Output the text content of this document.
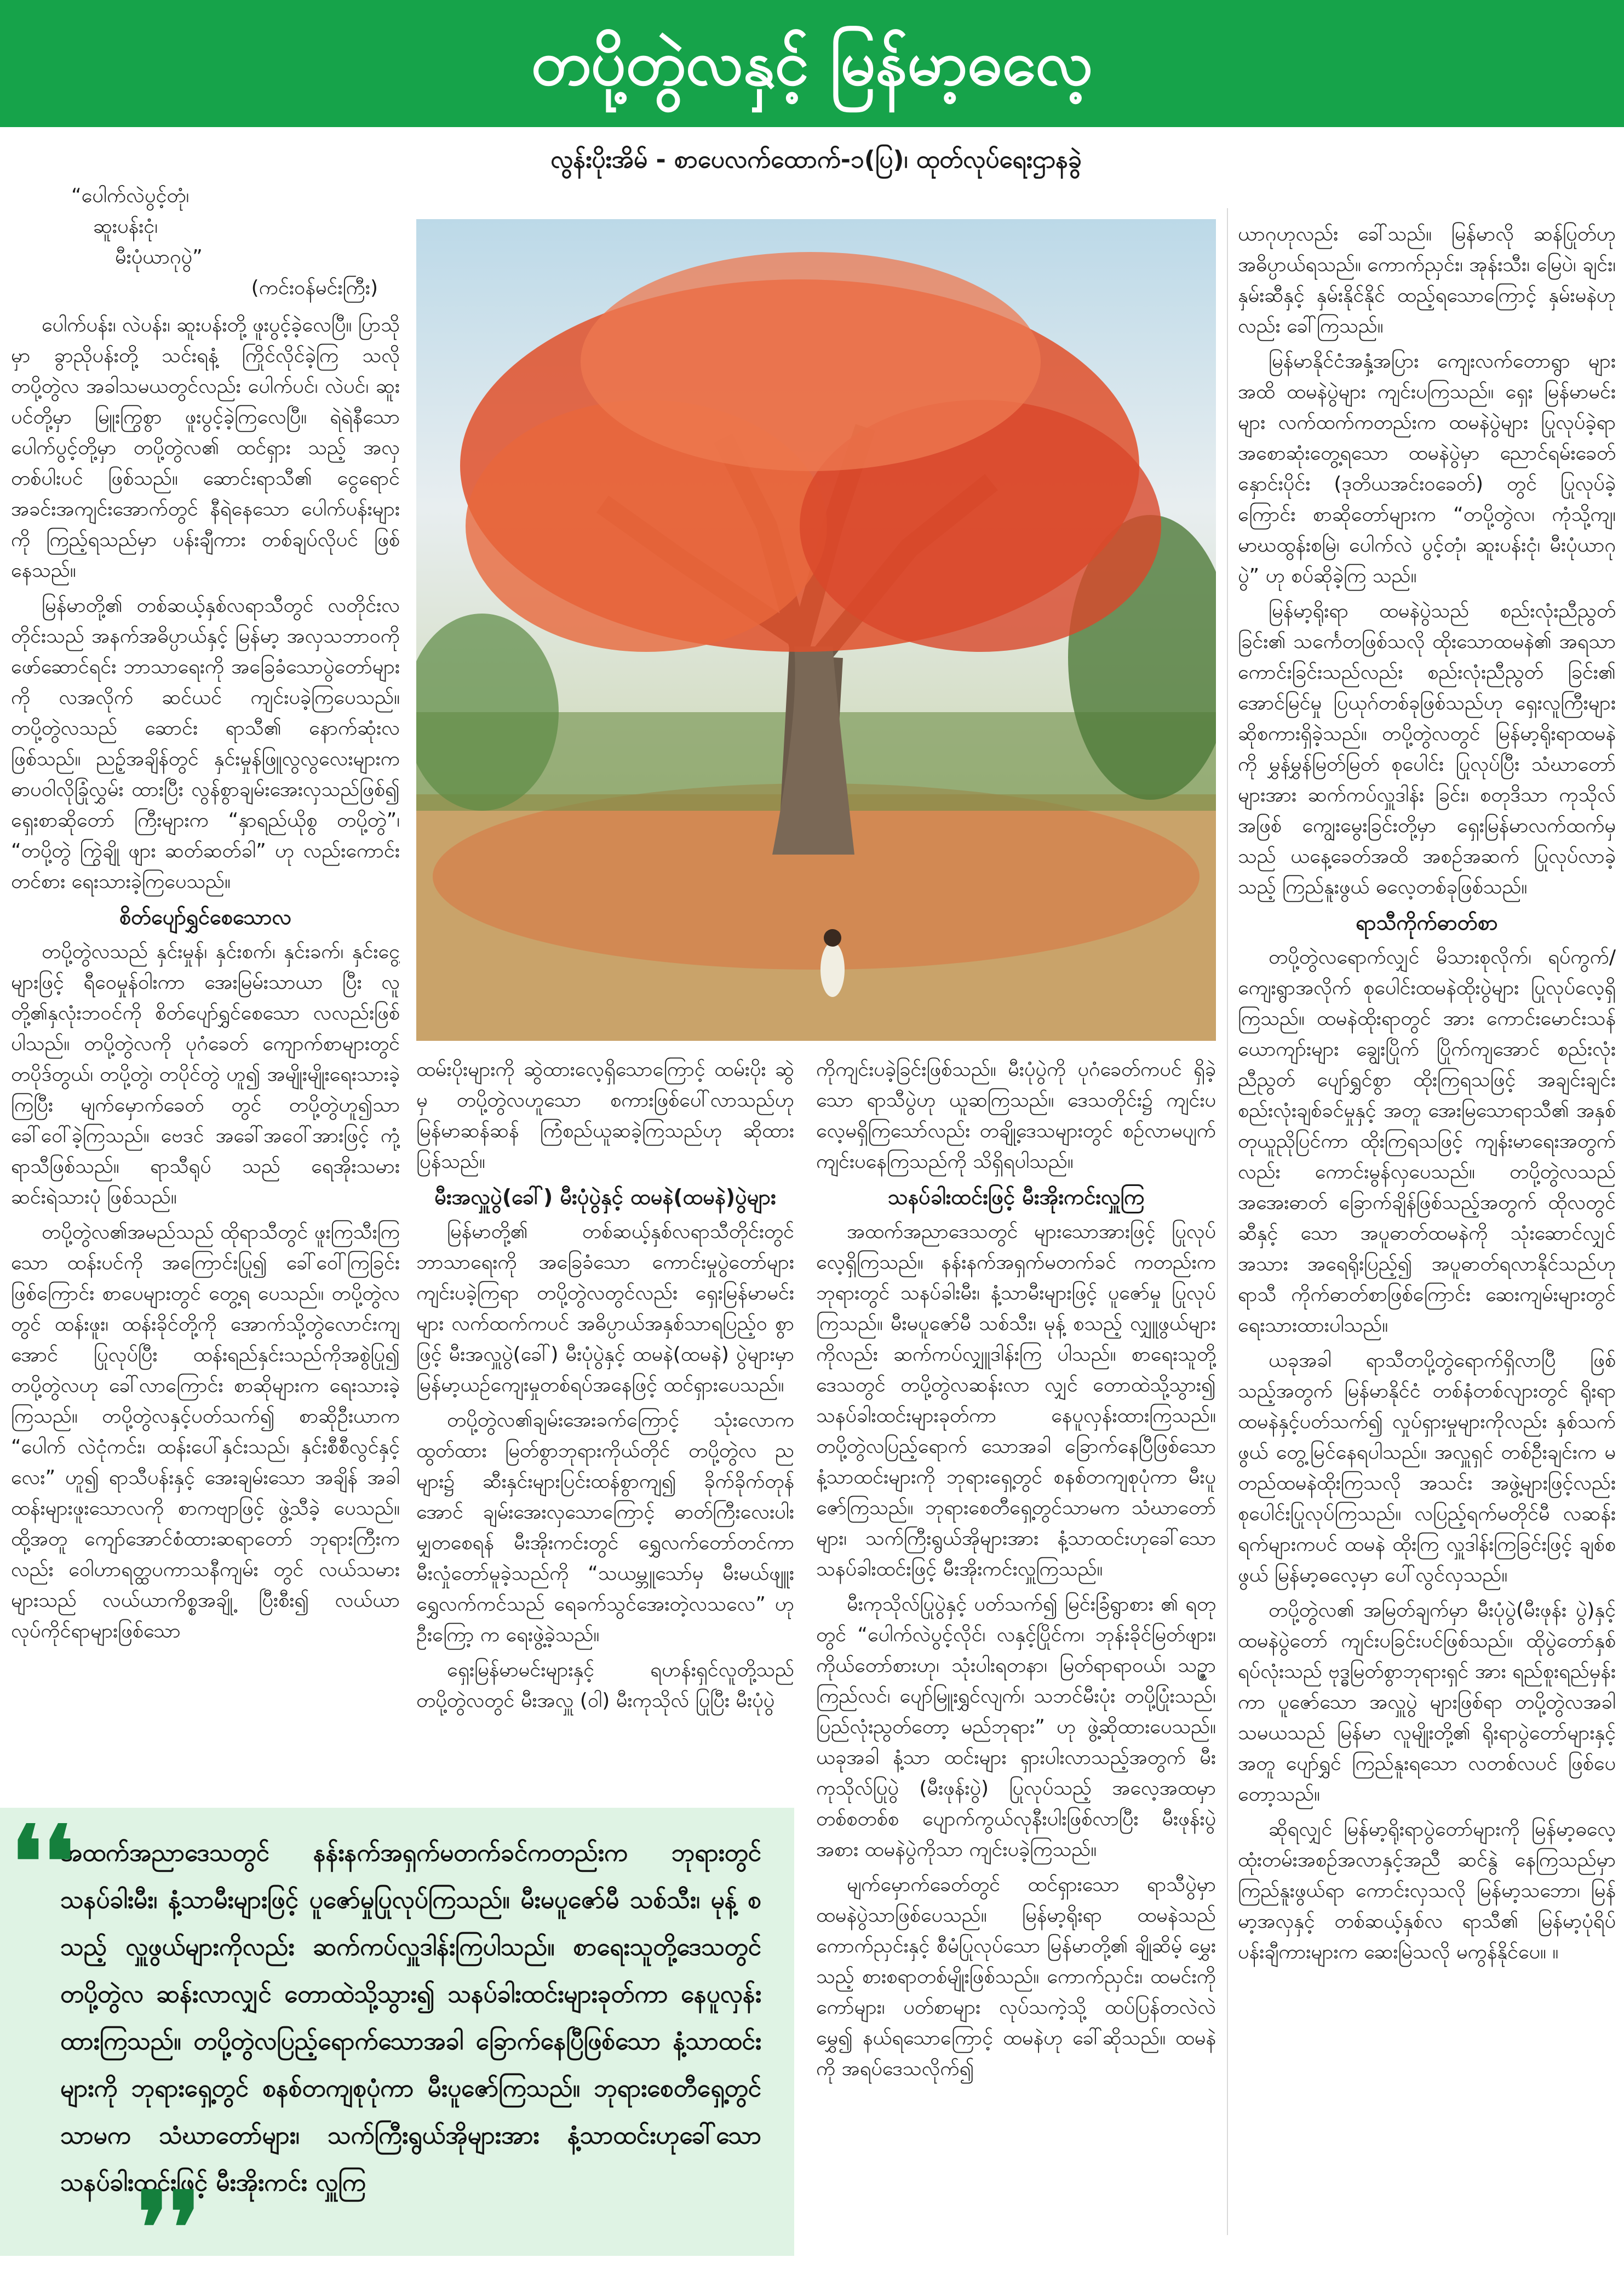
တပို့တွဲလနှင့် မြန်မာ့ဓလေ့
လွန်းပိုးအိမ် - စာပေလက်ထောက်-၁(ပြ)၊ ထုတ်လုပ်ရေးဌာနခွဲ
“ပေါက်လဲပွင့်တုံ၊
ဆူးပန်းငုံ၊
မီးပုံယာဂုပွဲ”
(ကင်းဝန်မင်းကြီး)

ပေါက်ပန်း၊ လဲပန်း၊ ဆူးပန်းတို့ ဖူးပွင့်ခဲ့လေပြီ။ ပြာသိုမှာ ခွာညိုပန်းတို့ သင်းရနံ့ ကြိုင်လိုင်ခဲ့ကြ သလို တပို့တွဲလ အခါသမယတွင်လည်း ပေါက်ပင်၊ လဲပင်၊ ဆူးပင်တို့မှာ မြူးကြွစွာ ဖူးပွင့်ခဲ့ကြလေပြီ။ ရဲရဲနီသော ပေါက်ပွင့်တို့မှာ တပို့တွဲလ၏ ထင်ရှား သည့် အလှတစ်ပါးပင် ဖြစ်သည်။ ဆောင်းရာသီ၏ ငွေရောင်အခင်းအကျင်းအောက်တွင် နီရဲနေသော ပေါက်ပန်းများကို ကြည့်ရသည်မှာ ပန်းချီကား တစ်ချပ်လိုပင် ဖြစ်နေသည်။

မြန်မာတို့၏ တစ်ဆယ့်နှစ်လရာသီတွင် လတိုင်းလတိုင်းသည် အနက်အဓိပ္ပာယ်နှင့် မြန်မာ့ အလှသဘာဝကို ဖော်ဆောင်ရင်း ဘာသာရေးကို အခြေခံသောပွဲတော်များကို လအလိုက် ဆင်ယင် ကျင်းပခဲ့ကြပေသည်။ တပို့တွဲလသည် ဆောင်း ရာသီ၏ နောက်ဆုံးလဖြစ်သည်။ ညဉ့်အချိန်တွင် နှင်းမှုန်ဖြူလွလွလေးများက ဓာပဝါလိုခြုံလွှမ်း ထားပြီး လွန်စွာချမ်းအေးလှသည်ဖြစ်၍ ရှေးစာဆိုတော် ကြီးများက “နှာရည်ယိုစွ တပို့တွဲ”၊ “တပို့တွဲ ကြွဲချို ဖျား ဆတ်ဆတ်ခါ” ဟု လည်းကောင်း တင်စား ရေးသားခဲ့ကြပေသည်။

စိတ်ပျော်ရွှင်စေသောလ

တပို့တွဲလသည် နှင်းမှုန်၊ နှင်းစက်၊ နှင်းခက်၊ နှင်းငွေ့များဖြင့် ရီဝေမှုန်ဝါးကာ အေးမြမ်းသာယာ ပြီး လူတို့၏နှလုံးဘဝင်ကို စိတ်ပျော်ရွှင်စေသော လလည်းဖြစ်ပါသည်။ တပို့တွဲလကို ပုဂံခေတ် ကျောက်စာများတွင် တပိုဒ်တွယ်၊ တပို့တွဲ၊ တပိုင်တွဲ ဟူ၍ အမျိုးမျိုးရေးသားခဲ့ကြပြီး မျက်မှောက်ခေတ် တွင် တပို့တွဲဟူ၍သာ ခေါ်ဝေါ်ခဲ့ကြသည်။ ဗေဒင် အခေါ်အဝေါ်အားဖြင့် ကုံ့ရာသီဖြစ်သည်။ ရာသီရုပ် သည် ရေအိုးသမား ဆင်းရဲသားပုံ ဖြစ်သည်။

တပို့တွဲလ၏အမည်သည် ထိုရာသီတွင် ဖူးကြသီးကြသော ထန်းပင်ကို အကြောင်းပြု၍ ခေါ်ဝေါ်ကြခြင်းဖြစ်ကြောင်း စာပေများတွင် တွေ့ရ ပေသည်။ တပို့တွဲလတွင် ထန်းဖူး၊ ထန်းခိုင်တို့ကို အောက်သို့တွဲလောင်းကျအောင် ပြုလုပ်ပြီး ထန်းရည်နှင်းသည်ကိုအစွဲပြု၍ တပို့တွဲလဟု ခေါ်လာကြောင်း စာဆိုများက ရေးသားခဲ့ကြသည်။ တပို့တွဲလနှင့်ပတ်သက်၍ စာဆိုဦးယာက “ပေါက် လဲငုံကင်း၊ ထန်းပေါ်နှင်းသည်၊ နှင်းစီစီလွင်နှင့် လေး” ဟူ၍ ရာသီပန်းနှင့် အေးချမ်းသော အချိန် အခါ ထန်းများဖူးသောလကို စာကဗျာဖြင့် ဖွဲ့သီခဲ့ ပေသည်။ ထို့အတူ ကျော်အောင်စံထားဆရာတော် ဘုရားကြီးကလည်း ဝေါဟာရတ္ထပကာသနီကျမ်း တွင် လယ်သမားများသည် လယ်ယာကိစ္စအချို့ ပြီးစီး၍ လယ်ယာလုပ်ကိုင်ရာများဖြစ်သော

ထမ်းပိုးများကို ဆွဲထားလေ့ရှိသောကြောင့် ထမ်းပိုး ဆွဲမှ တပို့တွဲလဟူသော စကားဖြစ်ပေါ်လာသည်ဟု မြန်မာဆန်ဆန် ကြံစည်ယူဆခဲ့ကြသည်ဟု ဆိုထား ပြန်သည်။

မီးအလှူပွဲ(ခေါ်) မီးပုံပွဲနှင့် ထမနဲ(ထမနဲ)ပွဲများ

မြန်မာတို့၏ တစ်ဆယ့်နှစ်လရာသီတိုင်းတွင် ဘာသာရေးကို အခြေခံသော ကောင်းမှုပွဲတော်များ ကျင်းပခဲ့ကြရာ တပို့တွဲလတွင်လည်း ရှေးမြန်မာမင်း များ လက်ထက်ကပင် အဓိပ္ပာယ်အနှစ်သာရပြည့်ဝ စွာဖြင့် မီးအလှူပွဲ(ခေါ်) မီးပုံပွဲနှင့် ထမနဲ(ထမနဲ) ပွဲများမှာ မြန်မာ့ယဉ်ကျေးမှုတစ်ရပ်အနေဖြင့် ထင်ရှားပေသည်။

တပို့တွဲလ၏ချမ်းအေးခက်ကြောင့် သုံးလောက ထွတ်ထား မြတ်စွာဘုရားကိုယ်တိုင် တပို့တွဲလ ညများ၌ ဆီးနှင်းများပြင်းထန်စွာကျ၍ ခိုက်ခိုက်တုန် အောင် ချမ်းအေးလှသောကြောင့် ဓာတ်ကြီးလေးပါး မျှတစေရန် မီးအိုးကင်းတွင် ရွှေလက်တော်တင်ကာ မီးလှုံတော်မူခဲ့သည်ကို “သယမ္ဘူသော်မှ မီးမယ်ဖျူး ရွှေလက်ကင်သည် ရေခက်သွင်အေးတဲ့လသလေ” ဟု ဦးကြော့ က ရေးဖွဲ့ခဲ့သည်။

ရှေးမြန်မာမင်းများနှင့် ရဟန်းရှင်လူတို့သည် တပို့တွဲလတွင် မီးအလှူ (ဝါ) မီးကုသိုလ် ပြုပြီး မီးပုံပွဲ

ကိုကျင်းပခဲ့ခြင်းဖြစ်သည်။ မီးပုံပွဲကို ပုဂံခေတ်ကပင် ရှိခဲ့သော ရာသီပွဲဟု ယူဆကြသည်။ ဒေသတိုင်း၌ ကျင်းပလေ့မရှိကြသော်လည်း တချို့ဒေသများတွင် စဉ်လာမပျက် ကျင်းပနေကြသည်ကို သိရှိရပါသည်။

သနပ်ခါးထင်းဖြင့် မီးအိုးကင်းလှူကြ

အထက်အညာဒေသတွင် များသောအားဖြင့် ပြုလုပ်လေ့ရှိကြသည်။ နန်းနက်အရှက်မတက်ခင် ကတည်းက ဘုရားတွင် သနပ်ခါးမီး၊ နံ့သာမီးများဖြင့် ပူဇော်မှု ပြုလုပ်ကြသည်။ မီးမပူဇော်မီ သစ်သီး၊ မုန့် စသည့် လျှူဖွယ်များကိုလည်း ဆက်ကပ်လျှူဒါန်းကြ ပါသည်။ စာရေးသူတို့ဒေသတွင် တပို့တွဲလဆန်းလာ လျှင် တောထဲသို့သွား၍ သနပ်ခါးထင်းများခုတ်ကာ နေပူလှန်းထားကြသည်။ တပို့တွဲလပြည့်ရောက် သောအခါ ခြောက်နေပြီဖြစ်သော နံ့သာထင်းများကို ဘုရားရှေ့တွင် စနစ်တကျစုပုံကာ မီးပူဇော်ကြသည်။ ဘုရားစေတီရှေ့တွင်သာမက သံဃာတော်များ၊ သက်ကြီးရွယ်အိုများအား နံ့သာထင်းဟုခေါ်သော သနပ်ခါးထင်းဖြင့် မီးအိုးကင်းလှူကြသည်။

မီးကုသိုလ်ပြုပွဲနှင့် ပတ်သက်၍ မြင်းခြံရွာစား ၏ ရတုတွင် “ပေါက်လဲပွင့်လိုင်၊ လနှင့်ပြိုင်က၊ ဘုန်းခိုင်မြတ်ဖျား၊ ကိုယ်တော်စားဟု၊ သုံးပါးရတနာ၊ မြတ်ရာရာဝယ်၊ သဉ္ဇာကြည်လင်၊ ပျော်မြူးရွှင်လျက်၊ သဘင်မီးပုံး တပို့ပြုံးသည်၊ ပြည်လုံးညွတ်တော့ မည်ဘုရား” ဟု ဖွဲ့ဆိုထားပေသည်။ ယခုအခါ နံ့သာ ထင်းများ ရှားပါးလာသည့်အတွက် မီးကုသိုလ်ပြုပွဲ (မီးဖုန်းပွဲ) ပြုလုပ်သည့် အလေ့အထမှာ တစ်စတစ်စ ပျောက်ကွယ်လုနီးပါးဖြစ်လာပြီး မီးဖုန်းပွဲအစား ထမနဲပွဲကိုသာ ကျင်းပခဲ့ကြသည်။

မျက်မှောက်ခေတ်တွင် ထင်ရှားသော ရာသီပွဲမှာ ထမနဲပွဲသာဖြစ်ပေသည်။ မြန်မာ့ရိုးရာ ထမနဲသည် ကောက်ညှင်းနှင့် စီမံပြုလုပ်သော မြန်မာတို့၏ ချိုဆိမ့် မွှေးသည့် စားစရာတစ်မျိုးဖြစ်သည်။ ကောက်ညှင်း၊ ထမင်းကို ကော်များ၊ ပတ်စာများ လုပ်သကဲ့သို့ ထပ်ပြန်တလဲလဲ မွှေ၍ နယ်ရသောကြောင့် ထမနဲဟု ခေါ်ဆိုသည်။ ထမနဲကို အရပ်ဒေသလိုက်၍

ယာဂုဟုလည်း ခေါ်သည်။ မြန်မာလို ဆန်ပြုတ်ဟု အဓိပ္ပာယ်ရသည်။ ကောက်ညှင်း၊ အုန်းသီး၊ မြေပဲ၊ ချင်း၊ နှမ်းဆီနှင့် နှမ်းနိုင်နိုင် ထည့်ရသောကြောင့် နှမ်းမနဲဟုလည်း ခေါ်ကြသည်။

မြန်မာနိုင်ငံအနှံ့အပြား ကျေးလက်တောရွာ များအထိ ထမနဲပွဲများ ကျင်းပကြသည်။ ရှေး မြန်မာမင်းများ လက်ထက်ကတည်းက ထမနဲပွဲများ ပြုလုပ်ခဲ့ရာ အစောဆုံးတွေ့ရသော ထမနဲပွဲမှာ ညောင်ရမ်းခေတ်နှောင်းပိုင်း (ဒုတိယအင်းဝခေတ်) တွင် ပြုလုပ်ခဲ့ကြောင်း စာဆိုတော်များက “တပို့တွဲလ၊ ကုံသို့ကျ၊ မာဃထွန်းစမြဲ၊ ပေါက်လဲ ပွင့်တုံ၊ ဆူးပန်းငုံ၊ မီးပုံယာဂုပွဲ” ဟု စပ်ဆိုခဲ့ကြ သည်။

မြန်မာ့ရိုးရာ ထမနဲပွဲသည် စည်းလုံးညီညွတ် ခြင်း၏ သင်္ကေတဖြစ်သလို ထိုးသောထမနဲ၏ အရသာကောင်းခြင်းသည်လည်း စည်းလုံးညီညွတ် ခြင်း၏ အောင်မြင်မှု ပြယုဂ်တစ်ခုဖြစ်သည်ဟု ရှေးလူကြီးများ ဆိုစကားရှိခဲ့သည်။ တပို့တွဲလတွင် မြန်မာ့ရိုးရာထမနဲကို မွှန်မွှန်မြတ်မြတ် စုပေါင်း ပြုလုပ်ပြီး သံဃာတော်များအား ဆက်ကပ်လှူဒါန်း ခြင်း၊ စတုဒိသာ ကုသိုလ်အဖြစ် ကျွေးမွေးခြင်းတို့မှာ ရှေးမြန်မာလက်ထက်မှသည် ယနေ့ခေတ်အထိ အစဉ်အဆက် ပြုလုပ်လာခဲ့သည့် ကြည်နူးဖွယ် ဓလေ့တစ်ခုဖြစ်သည်။

ရာသီကိုက်ဓာတ်စာ

တပို့တွဲလရောက်လျှင် မိသားစုလိုက်၊ ရပ်ကွက်/ကျေးရွာအလိုက် စုပေါင်းထမနဲထိုးပွဲများ ပြုလုပ်လေ့ရှိကြသည်။ ထမနဲထိုးရာတွင် အား ကောင်းမောင်းသန် ယောကျာ်းများ ချွေးပြိုက် ပြိုက်ကျအောင် စည်းလုံးညီညွတ် ပျော်ရွှင်စွာ ထိုးကြရသဖြင့် အချင်းချင်း စည်းလုံးချစ်ခင်မှုနှင့် အတူ အေးမြသောရာသီ၏ အနှစ်တုယူညိုပြင်ကာ ထိုးကြရသဖြင့် ကျန်းမာရေးအတွက်လည်း ကောင်းမွန်လှပေသည်။ တပို့တွဲလသည် အအေးဓာတ် ခြောက်ချိန်ဖြစ်သည့်အတွက် ထိုလတွင် ဆီနှင့် သော အပူဓာတ်ထမနဲကို သုံးဆောင်လျှင် အသား အရေရိုးပြည့်၍ အပူဓာတ်ရလာနိုင်သည်ဟု ရာသီ ကိုက်ဓာတ်စာဖြစ်ကြောင်း ဆေးကျမ်းများတွင် ရေးသားထားပါသည်။

ယခုအခါ ရာသီတပို့တွဲရောက်ရှိလာပြီ ဖြစ် သည့်အတွက် မြန်မာနိုင်ငံ တစ်နံတစ်လျားတွင် ရိုးရာထမနဲနှင့်ပတ်သက်၍ လှုပ်ရှားမှုများကိုလည်း နှစ်သက်ဖွယ် တွေ့မြင်နေရပါသည်။ အလှူရှင် တစ်ဦးချင်းက မတည်ထမနဲထိုးကြသလို အသင်း အဖွဲ့များဖြင့်လည်း စုပေါင်းပြုလုပ်ကြသည်။ လပြည့်ရက်မတိုင်မီ လဆန်းရက်များကပင် ထမနဲ ထိုးကြ လှူဒါန်းကြခြင်းဖြင့် ချစ်စဖွယ် မြန်မာ့ဓလေ့မှာ ပေါ်လွင်လှသည်။

တပို့တွဲလ၏ အမြတ်ချက်မှာ မီးပုံပွဲ(မီးဖုန်း ပွဲ)နှင့် ထမနဲပွဲတော် ကျင်းပခြင်းပင်ဖြစ်သည်။ ထိုပွဲတော်နှစ်ရပ်လုံးသည် ဗုဒ္ဓမြတ်စွာဘုရားရှင် အား ရည်စူးရည်မှန်းကာ ပူဇော်သော အလှူပွဲ များဖြစ်ရာ တပို့တွဲလအခါသမယသည် မြန်မာ လူမျိုးတို့၏ ရိုးရာပွဲတော်များနှင့်အတူ ပျော်ရွှင် ကြည်နူးရသော လတစ်လပင် ဖြစ်ပေတော့သည်။

ဆိုရလျှင် မြန်မာ့ရိုးရာပွဲတော်များကို မြန်မာ့ဓလေ့ထုံးတမ်းအစဉ်အလာနှင့်အညီ ဆင်နွဲ နေကြသည်မှာ ကြည်နူးဖွယ်ရာ ကောင်းလှသလို မြန်မာ့သဘော၊ မြန်မာ့အလှနှင့် တစ်ဆယ့်နှစ်လ ရာသီ၏ မြန်မာ့ပုံရိပ်ပန်းချီကားများက ဆေးမြဲသလို မကွန်နိုင်ပေ။ ။

❛❛
အထက်အညာဒေသတွင် နန်းနက်အရှက်မတက်ခင်ကတည်းက ဘုရားတွင် သနပ်ခါးမီး၊ နံ့သာမီးများဖြင့် ပူဇော်မှုပြုလုပ်ကြသည်။ မီးမပူဇော်မီ သစ်သီး၊ မုန့် စသည့် လှူဖွယ်များကိုလည်း ဆက်ကပ်လှူဒါန်းကြပါသည်။ စာရေးသူတို့ဒေသတွင် တပို့တွဲလ ဆန်းလာလျှင် တောထဲသို့သွား၍ သနပ်ခါးထင်းများခုတ်ကာ နေပူလှန်းထားကြသည်။ တပို့တွဲလပြည့်ရောက်သောအခါ ခြောက်နေပြီဖြစ်သော နံ့သာထင်းများကို ဘုရားရှေ့တွင် စနစ်တကျစုပုံကာ မီးပူဇော်ကြသည်။ ဘုရားစေတီရှေ့တွင်သာမက သံဃာတော်များ၊ သက်ကြီးရွယ်အိုများအား နံ့သာထင်းဟုခေါ်သော သနပ်ခါးထင်းဖြင့် မီးအိုးကင်း လှူကြ
❜❜
